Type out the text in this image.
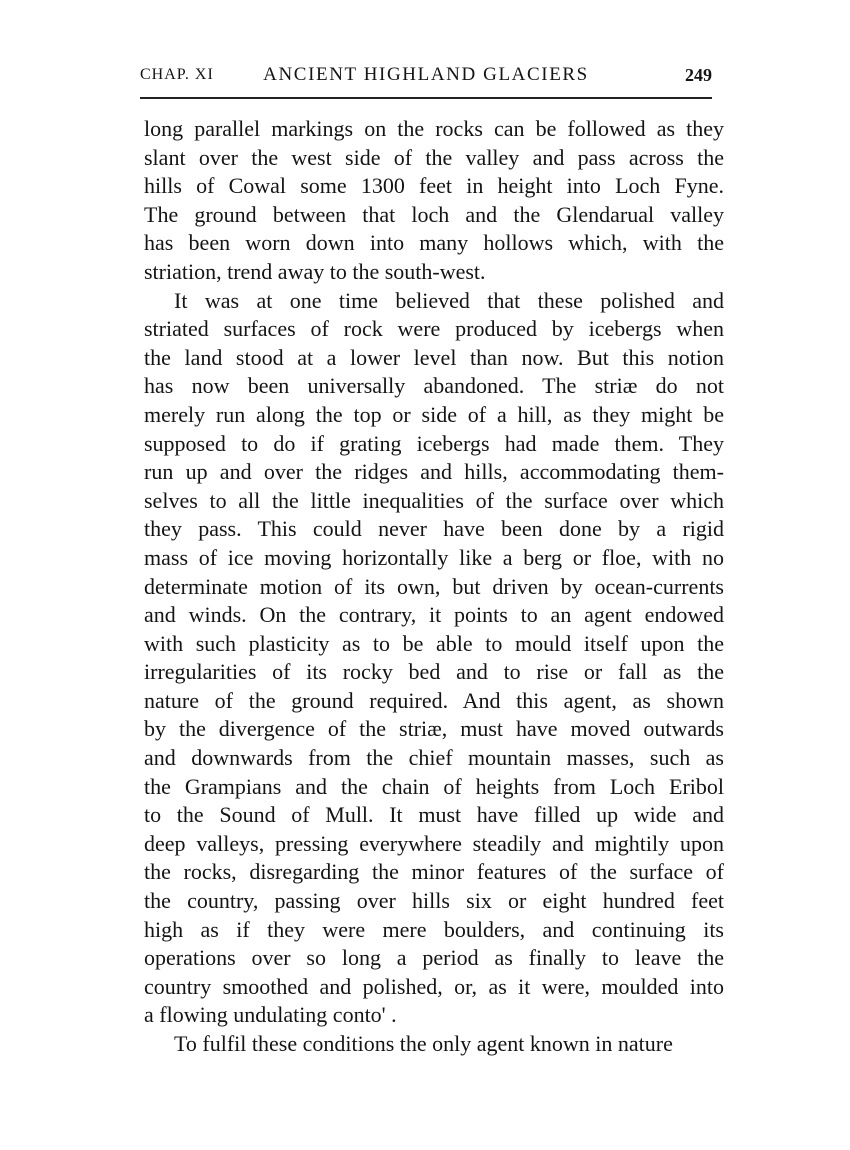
CHAP. XI	ANCIENT HIGHLAND GLACIERS	249
long parallel markings on the rocks can be followed as they
slant over the west side of the valley and pass across the
hills of Cowal some 1300 feet in height into Loch Fyne.
The ground between that loch and the Glendarual valley
has been worn down into many hollows which, with the
striation, trend away to the south-west.
It was at one time believed that these polished and
striated surfaces of rock were produced by icebergs when
the land stood at a lower level than now. But this notion
has now been universally abandoned. The striæ do not
merely run along the top or side of a hill, as they might be
supposed to do if grating icebergs had made them. They
run up and over the ridges and hills, accommodating them-
selves to all the little inequalities of the surface over which
they pass. This could never have been done by a rigid
mass of ice moving horizontally like a berg or floe, with no
determinate motion of its own, but driven by ocean-currents
and winds. On the contrary, it points to an agent endowed
with such plasticity as to be able to mould itself upon the
irregularities of its rocky bed and to rise or fall as the
nature of the ground required. And this agent, as shown
by the divergence of the striæ, must have moved outwards
and downwards from the chief mountain masses, such as
the Grampians and the chain of heights from Loch Eribol
to the Sound of Mull. It must have filled up wide and
deep valleys, pressing everywhere steadily and mightily upon
the rocks, disregarding the minor features of the surface of
the country, passing over hills six or eight hundred feet
high as if they were mere boulders, and continuing its
operations over so long a period as finally to leave the
country smoothed and polished, or, as it were, moulded into
a flowing undulating conto' .
To fulfil these conditions the only agent known in nature
